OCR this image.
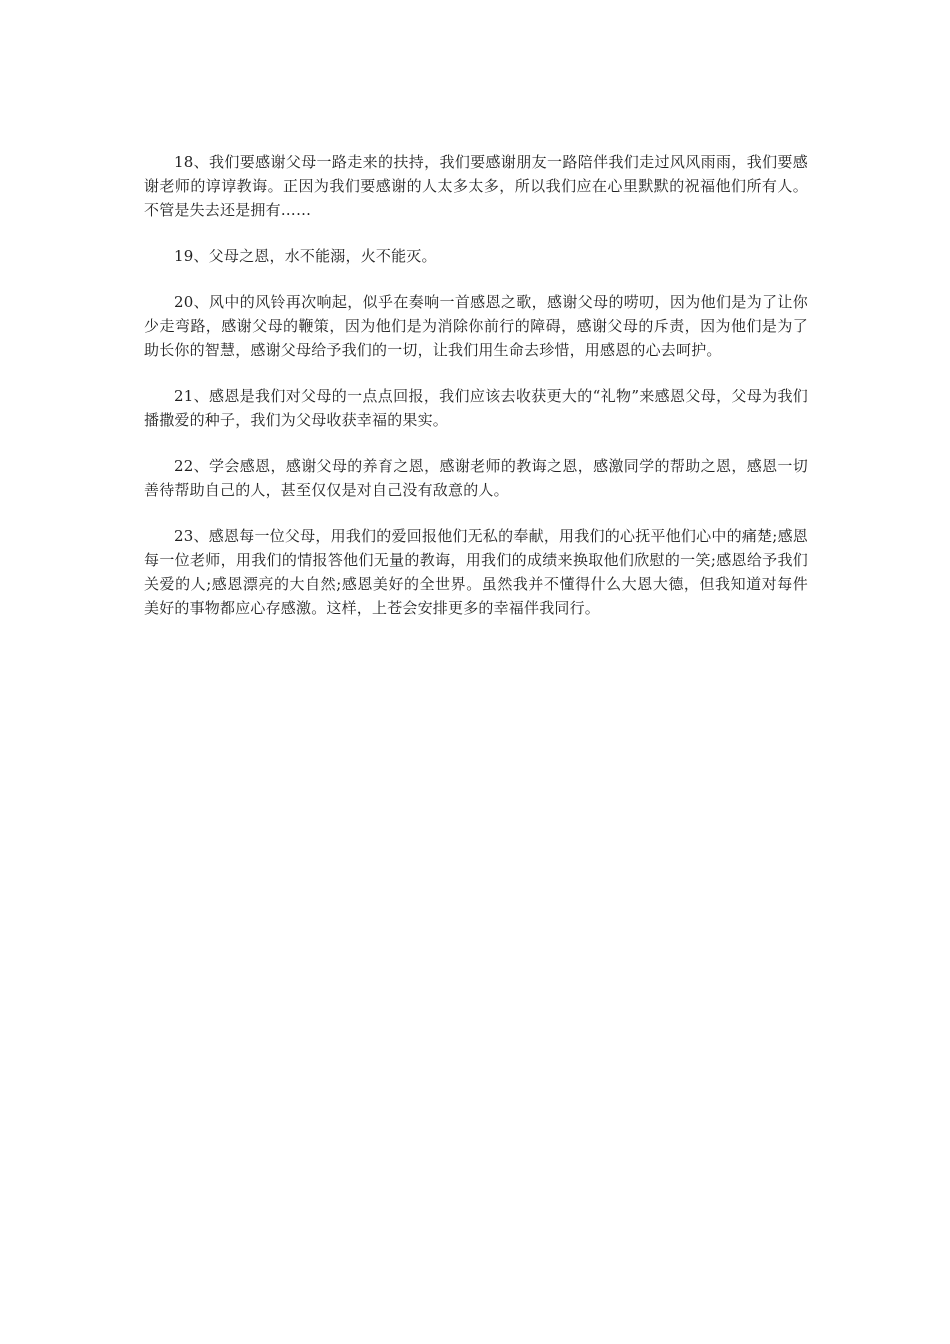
18、我们要感谢父母一路走来的扶持，我们要感谢朋友一路陪伴我们走过风风雨雨，我们要感谢老师的谆谆教诲。正因为我们要感谢的人太多太多，所以我们应在心里默默的祝福他们所有人。不管是失去还是拥有……

19、父母之恩，水不能溺，火不能灭。

20、风中的风铃再次响起，似乎在奏响一首感恩之歌，感谢父母的唠叨，因为他们是为了让你少走弯路，感谢父母的鞭策，因为他们是为消除你前行的障碍，感谢父母的斥责，因为他们是为了助长你的智慧，感谢父母给予我们的一切，让我们用生命去珍惜，用感恩的心去呵护。

21、感恩是我们对父母的一点点回报，我们应该去收获更大的“礼物”来感恩父母，父母为我们播撒爱的种子，我们为父母收获幸福的果实。

22、学会感恩，感谢父母的养育之恩，感谢老师的教诲之恩，感激同学的帮助之恩，感恩一切善待帮助自己的人，甚至仅仅是对自己没有敌意的人。

23、感恩每一位父母，用我们的爱回报他们无私的奉献，用我们的心抚平他们心中的痛楚;感恩每一位老师，用我们的情报答他们无量的教诲，用我们的成绩来换取他们欣慰的一笑;感恩给予我们关爱的人;感恩漂亮的大自然;感恩美好的全世界。虽然我并不懂得什么大恩大德，但我知道对每件美好的事物都应心存感激。这样，上苍会安排更多的幸福伴我同行。
